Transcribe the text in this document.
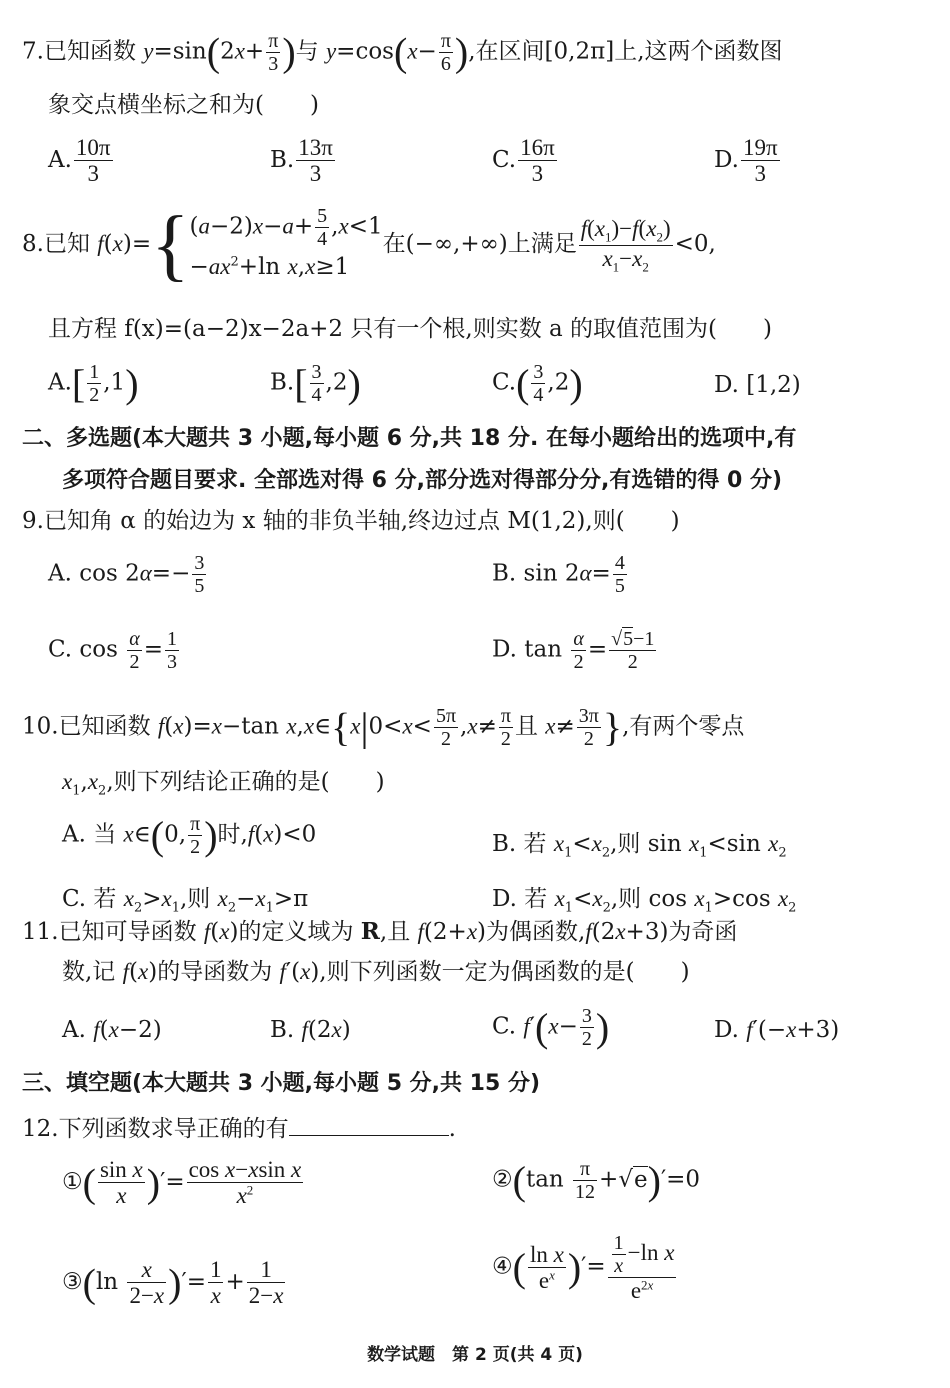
7.已知函数 $y=\sin(2x+ \frac{\pi}{3}$ )与 $y=\cos(x- \frac{\pi}{6}$ ),在区间[0,2π]上,这两个函数图
象交点横坐标之和为(　　)
A. $\frac{10\pi}{3}$	B. $\frac{13\pi}{3}$	C. $\frac{16\pi}{3}$	D. $\frac{19\pi}{3}$
8.已知 f(x)={ $(a-2)x-a+ \frac{5}{4} ,x<1$
$-ax^2+\ln$ x,x≥1
在(−∞,+∞)上满足 $\frac{f(x_1)-f(x_2)}{x_1-x_2} <0$,
且方程 f(x)=(a−2)x−2a+2 只有一个根,则实数 a 的取值范围为(　　)
$A.[ \frac{1}{2} ,1)$	$B.[ \frac{3}{4} ,2)$	$C.( \frac{3}{4} ,2)$	D. [1,2)
二、多选题(本大题共 3 小题,每小题 6 分,共 18 分. 在每小题给出的选项中,有
多项符合题目要求. 全部选对得 6 分,部分选对得部分分,有选错的得 0 分)
9.已知角 α 的始边为 x 轴的非负半轴,终边过点 M(1,2),则(　　)
A. $\cos 2\alpha=- \frac{3}{5}$	B. $\sin 2\alpha= \frac{4}{5}$
C. $\cos \frac{\alpha}{2} = \frac{1}{3}$	D. $\tan \frac{\alpha}{2} = \frac{√5-1}{2}$
10.已知函数 f(x)=x−tan x,x∈{x|0<x< $\frac{5\pi}{2} ,x\ne \frac{\pi}{2}$ 且 $x\ne \frac{3\pi}{2}$ },有两个零点
$x_1,x_2$,则下列结论正确的是(　　)
A. 当 x∈(0, $\frac{\pi}{2}$ )时,f(x)<0	B. 若 $x_1<x_2$,则 $\sin x_1<\sin$ $x_2$
C. 若 $x_2>x_1$,则 $x_2-x_1>\pi$	D. 若 $x_1<x_2$,则 $\cos x_1>\cos$ $x_2$
11.已知可导函数 f(x)的定义域为 R,且 f(2+x)为偶函数,f(2x+3)为奇函
数,记 f(x)的导函数为 f′(x),则下列函数一定为偶函数的是(　　)
A. f(x−2)	B. f(2x)	C. $f'(x- \frac{3}{2}$ )	D. f′(−x+3)
三、填空题(本大题共 3 小题,每小题 5 分,共 15 分)
12.下列函数求导正确的有	.
①( $\frac{\text{sin x}}{x}$ )′= $\frac{\text{cos x−xsin x}}{x^2}$	②(tan $\frac{\pi}{12} +√e)'=0$
③(ln $\frac{x}{2-x}$ )′= $\frac{1}{x} + \frac{1}{2-x}$	④( $\frac{\text{ln x}}{e^x}$ )′= $\frac{\frac{1}{x} -\ln x}{e^{2x}}$
数学试题　第 2 页(共 4 页)
